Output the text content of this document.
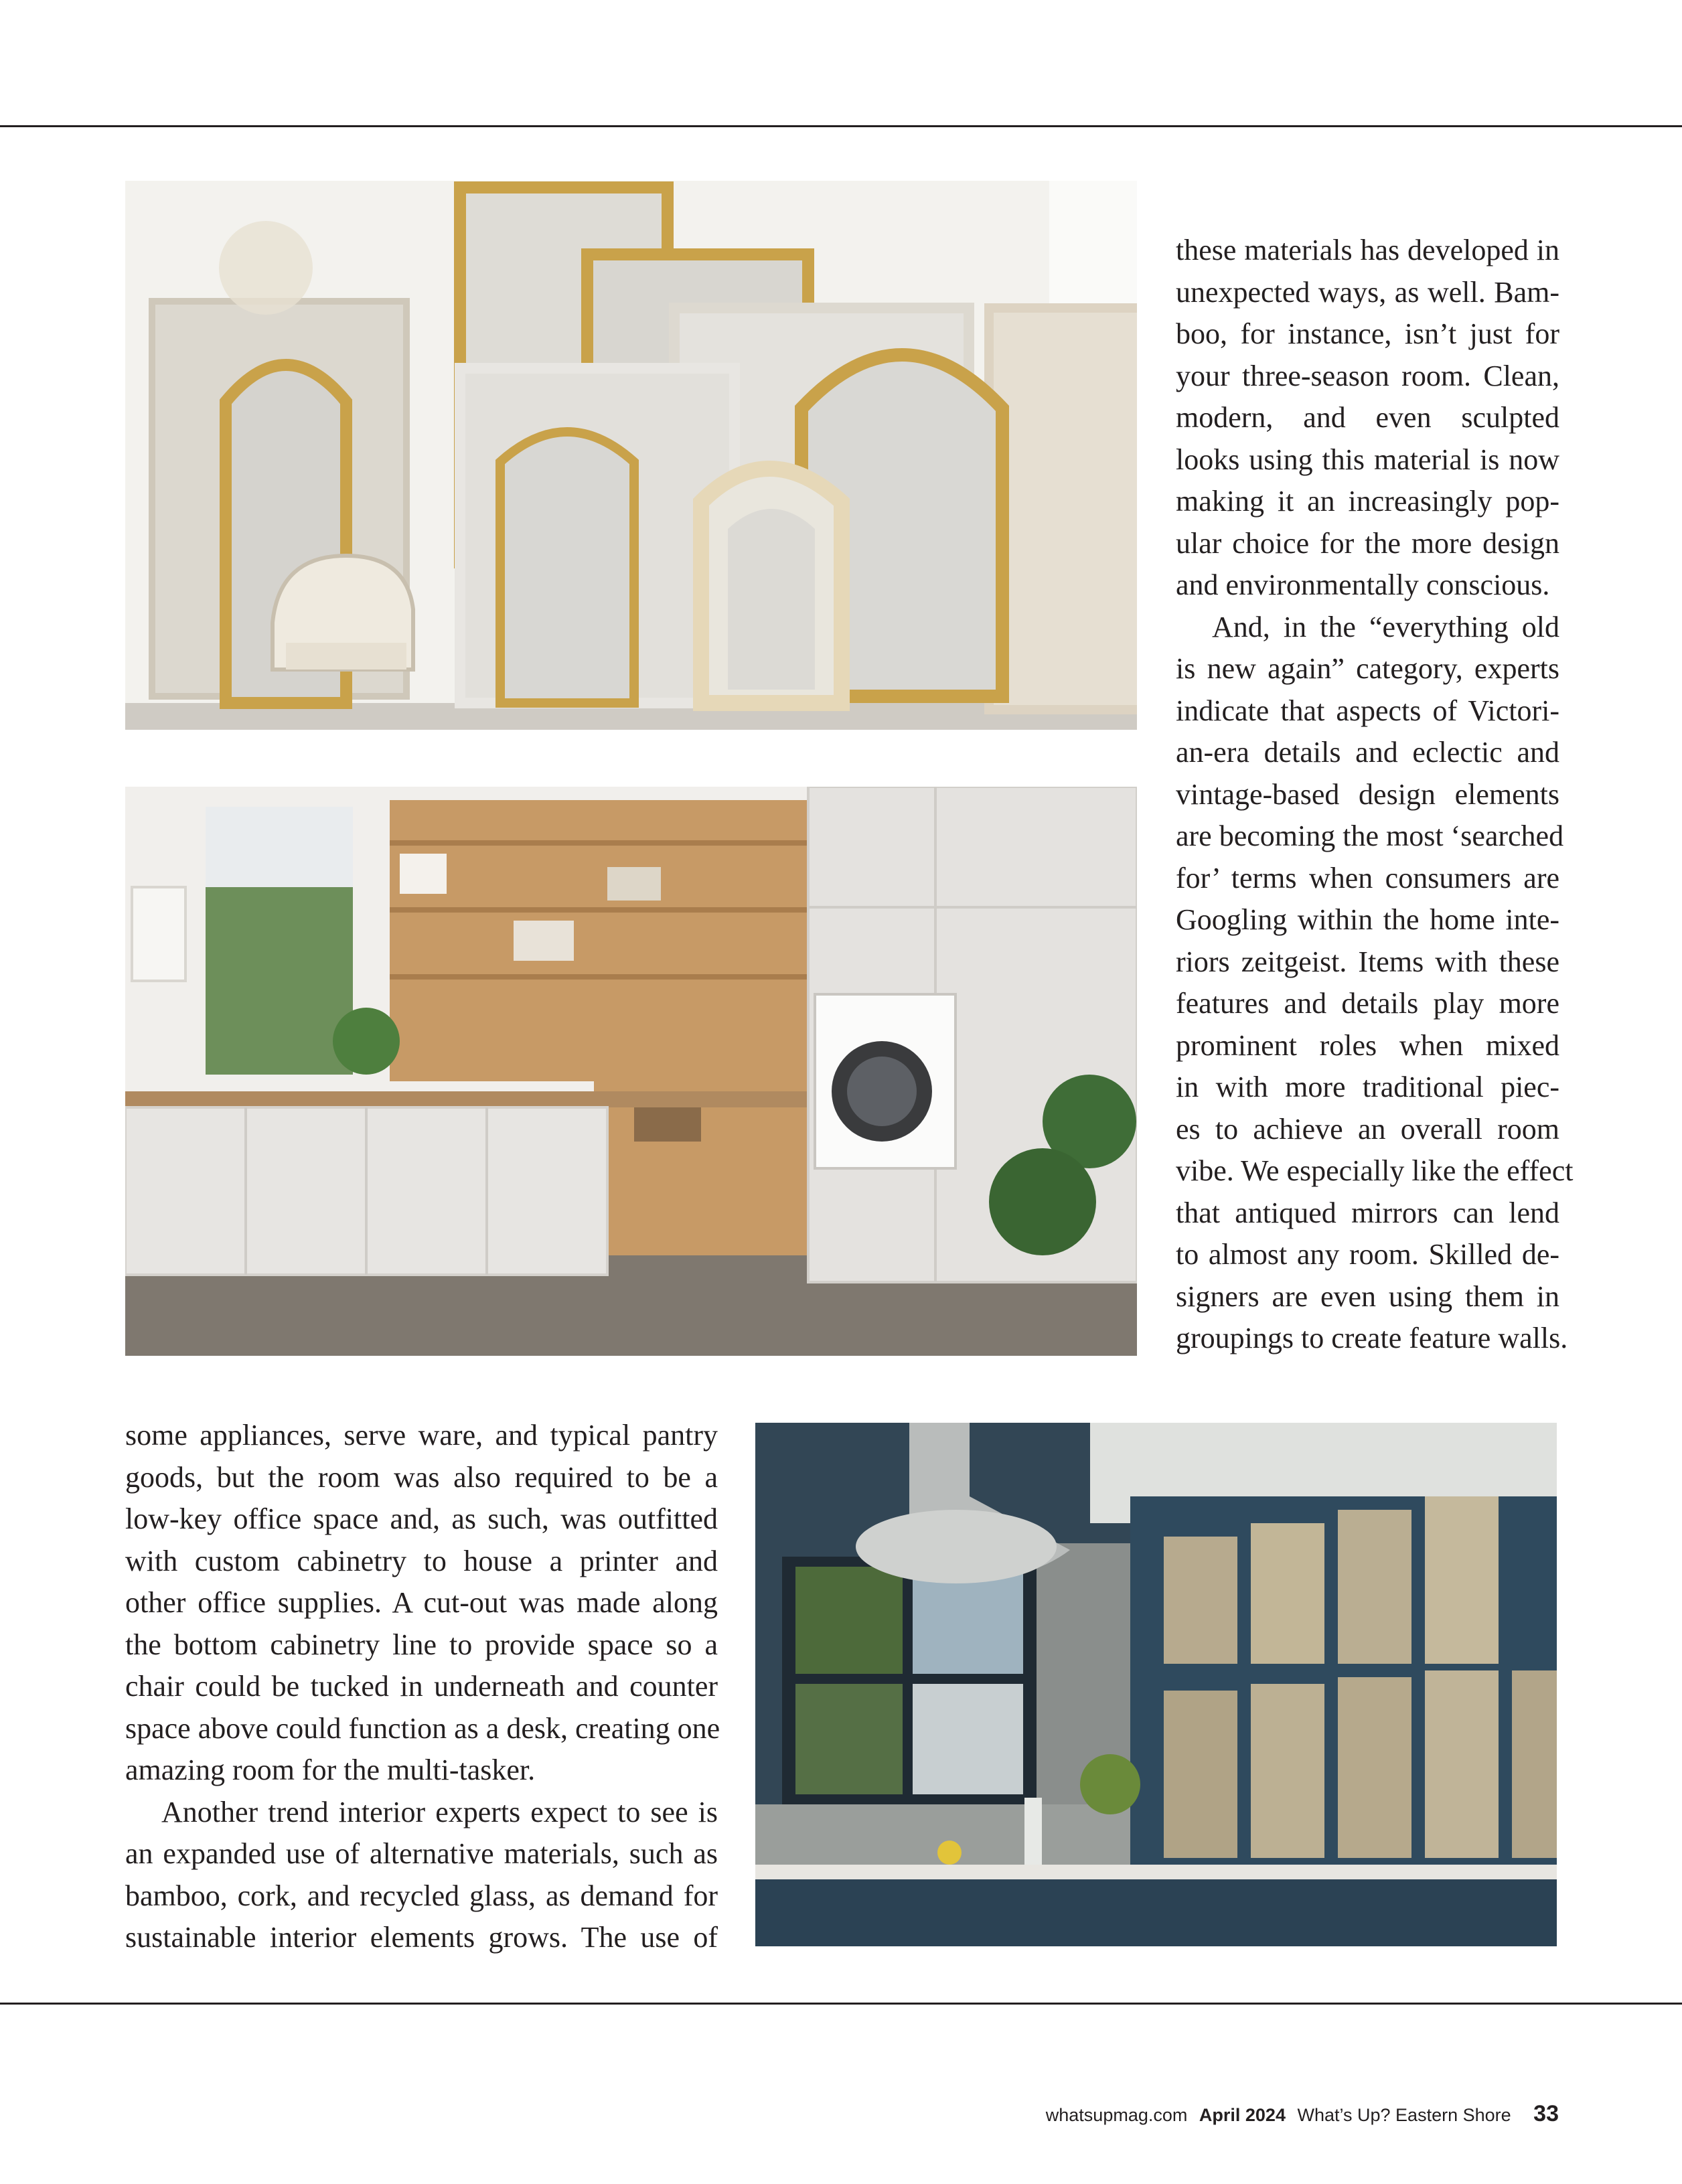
these materials has developed in
unexpected ways, as well. Bam-
boo, for instance, isn’t just for
your three-season room. Clean,
modern, and even sculpted
looks using this material is now
making it an increasingly pop-
ular choice for the more design
and environmentally conscious.

And, in the “everything old
is new again” category, experts
indicate that aspects of Victori-
an-era details and eclectic and
vintage-based design elements
are becoming the most ‘searched
for’ terms when consumers are
Googling within the home inte-
riors zeitgeist. Items with these
features and details play more
prominent roles when mixed
in with more traditional piec-
es to achieve an overall room
vibe. We especially like the effect
that antiqued mirrors can lend
to almost any room. Skilled de-
signers are even using them in
groupings to create feature walls.

some appliances, serve ware, and typical pantry
goods, but the room was also required to be a
low-key office space and, as such, was outfitted
with custom cabinetry to house a printer and
other office supplies. A cut-out was made along
the bottom cabinetry line to provide space so a
chair could be tucked in underneath and counter
space above could function as a desk, creating one
amazing room for the multi-tasker.

Another trend interior experts expect to see is
an expanded use of alternative materials, such as
bamboo, cork, and recycled glass, as demand for
sustainable interior elements grows. The use of

whatsupmag.com April 2024 What’s Up? Eastern Shore 33
